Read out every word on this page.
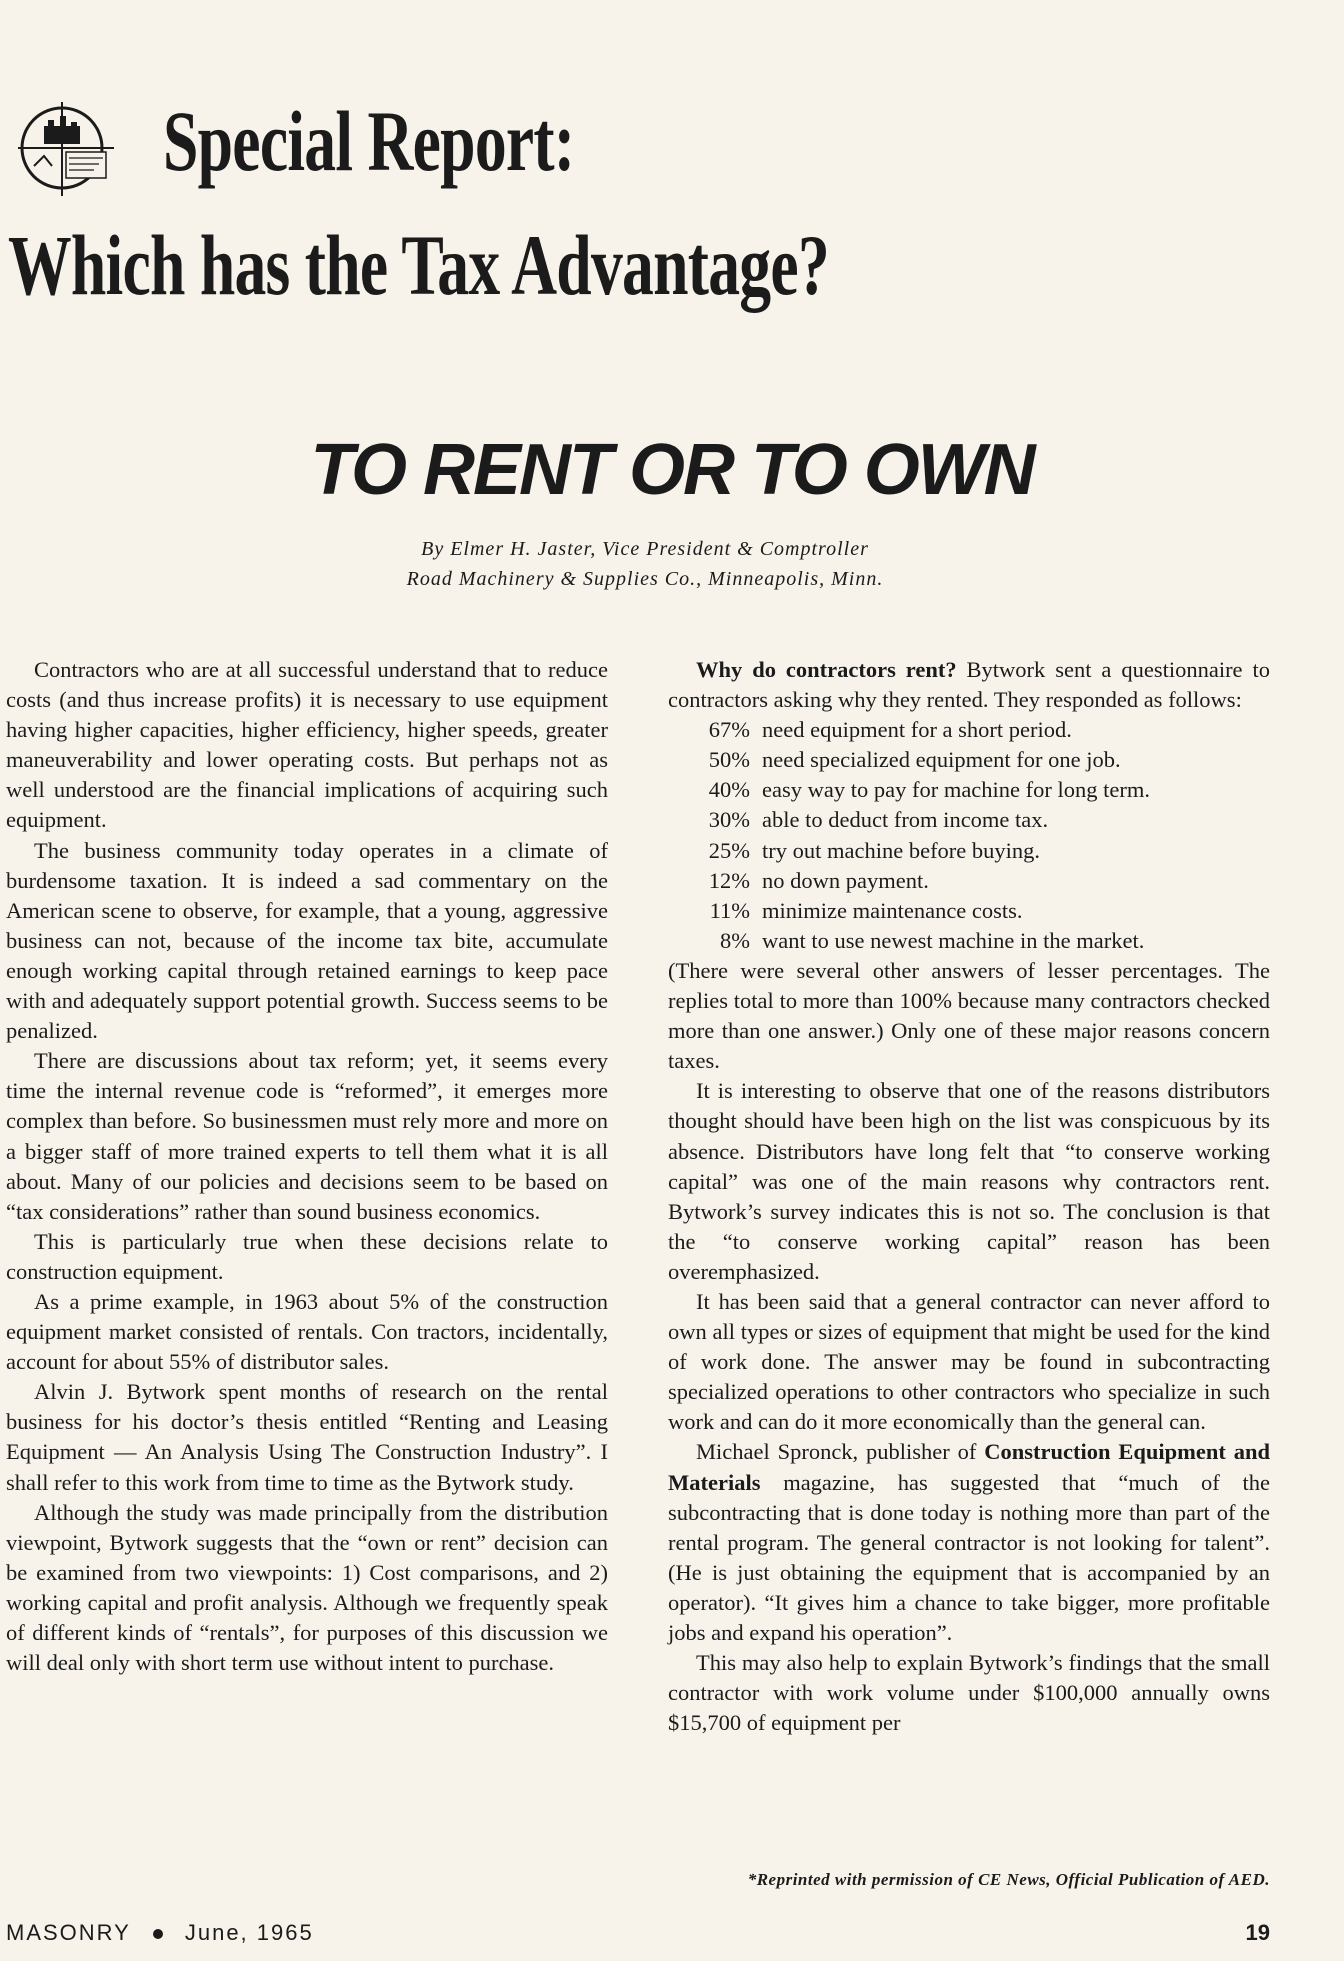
Special Report:
Which has the Tax Advantage?
TO RENT OR TO OWN
By Elmer H. Jaster, Vice President & Comptroller
Road Machinery & Supplies Co., Minneapolis, Minn.

Contractors who are at all successful understand that to reduce costs (and thus increase profits) it is necessary to use equipment having higher capacities, higher efficiency, higher speeds, greater maneuverability and lower operating costs. But perhaps not as well understood are the financial implications of acquiring such equipment.

The business community today operates in a climate of burdensome taxation. It is indeed a sad commentary on the American scene to observe, for example, that a young, aggressive business can not, because of the income tax bite, accumulate enough working capital through retained earnings to keep pace with and adequately support potential growth. Success seems to be penalized.

There are discussions about tax reform; yet, it seems every time the internal revenue code is “reformed”, it emerges more complex than before. So businessmen must rely more and more on a bigger staff of more trained experts to tell them what it is all about. Many of our policies and decisions seem to be based on “tax considerations” rather than sound business economics.

This is particularly true when these decisions relate to construction equipment.

As a prime example, in 1963 about 5% of the construction equipment market consisted of rentals. Con tractors, incidentally, account for about 55% of distributor sales.

Alvin J. Bytwork spent months of research on the rental business for his doctor’s thesis entitled “Renting and Leasing Equipment — An Analysis Using The Construction Industry”. I shall refer to this work from time to time as the Bytwork study.

Although the study was made principally from the distribution viewpoint, Bytwork suggests that the “own or rent” decision can be examined from two viewpoints: 1) Cost comparisons, and 2) working capital and profit analysis. Although we frequently speak of different kinds of “rentals”, for purposes of this discussion we will deal only with short term use without intent to purchase.

Why do contractors rent? Bytwork sent a questionnaire to contractors asking why they rented. They responded as follows:

67% need equipment for a short period.
50% need specialized equipment for one job.
40% easy way to pay for machine for long term.
30% able to deduct from income tax.
25% try out machine before buying.
12% no down payment.
11% minimize maintenance costs.
8% want to use newest machine in the market.

(There were several other answers of lesser percentages. The replies total to more than 100% because many contractors checked more than one answer.) Only one of these major reasons concern taxes.

It is interesting to observe that one of the reasons distributors thought should have been high on the list was conspicuous by its absence. Distributors have long felt that “to conserve working capital” was one of the main reasons why contractors rent. Bytwork’s survey indicates this is not so. The conclusion is that the “to conserve working capital” reason has been overemphasized.

It has been said that a general contractor can never afford to own all types or sizes of equipment that might be used for the kind of work done. The answer may be found in subcontracting specialized operations to other contractors who specialize in such work and can do it more economically than the general can.

Michael Spronck, publisher of Construction Equipment and Materials magazine, has suggested that “much of the subcontracting that is done today is nothing more than part of the rental program. The general contractor is not looking for talent”. (He is just obtaining the equipment that is accompanied by an operator). “It gives him a chance to take bigger, more profitable jobs and expand his operation”.

This may also help to explain Bytwork’s findings that the small contractor with work volume under $100,000 annually owns $15,700 of equipment per

*Reprinted with permission of CE News, Official Publication of AED.
MASONRY June, 1965	19
